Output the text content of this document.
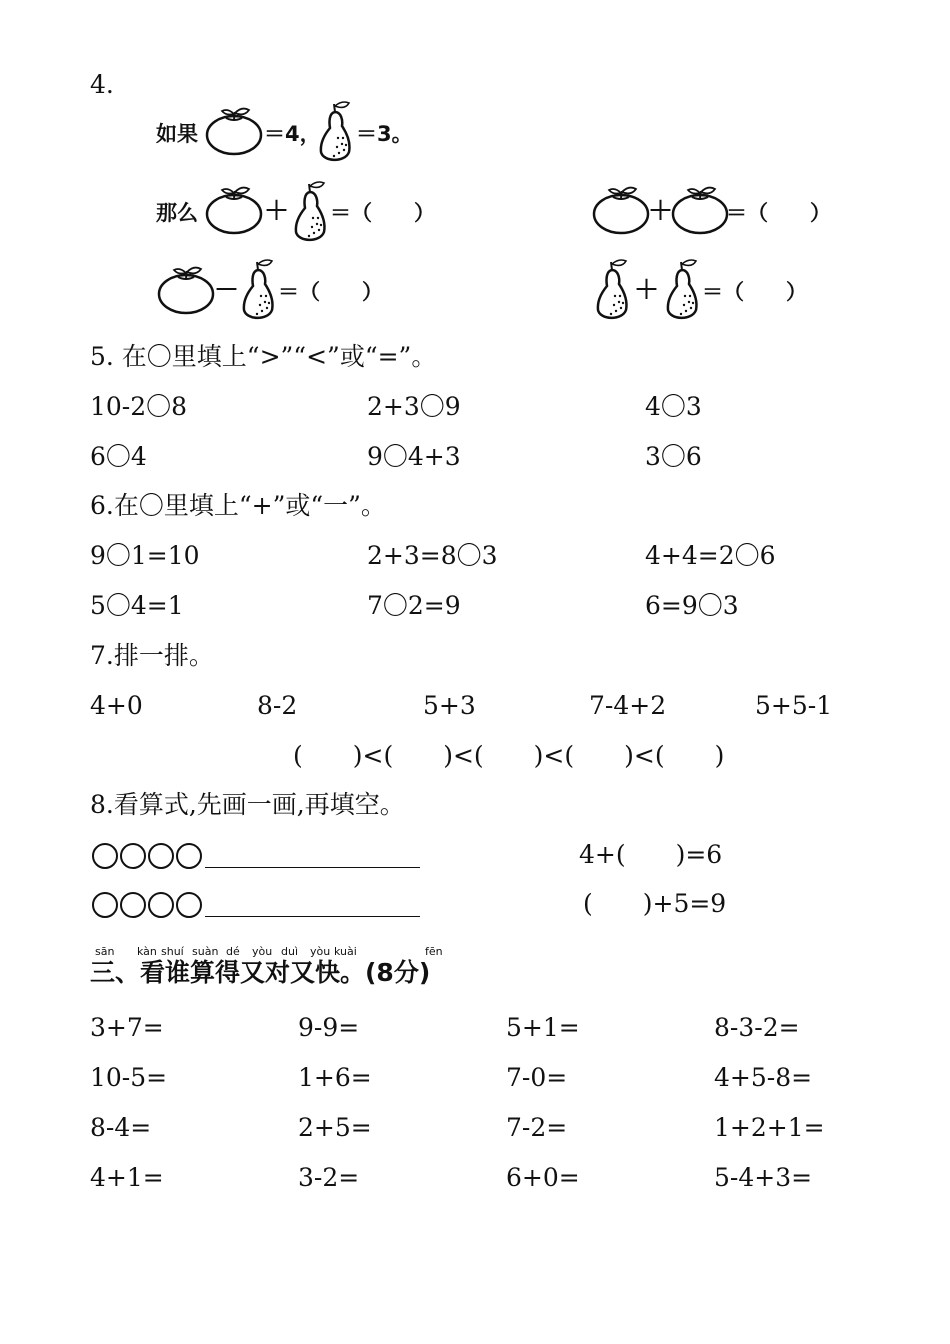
4.
如果	＝4， ＝3。
那么	＋ ＝（　　）	＋	＝（　　）
－ ＝（　　）	＋ ＝（　　）
5. 在〇里填上“>”“<”或“=”。
10-2〇8	2+3〇9	4〇3
6〇4	9〇4+3	3〇6
6.在〇里填上“+”或“一”。
9〇1=10	2+3=8〇3	4+4=2〇6
5〇4=1	7〇2=9	6=9〇3
7.排一排。
4+0	8-2	5+3	7-4+2	5+5-1
(　　)<(　　)<(　　)<(　　)<(　　)
8.看算式,先画一画,再填空。
4+(　　)=6
(　　)+5=9
sān kàn shuí suàn dé yòu duì yòu kuài	fēn
三、看谁算得又对又快。(8分)
3+7=	9-9=	5+1=	8-3-2=
10-5=	1+6=	7-0=	4+5-8=
8-4=	2+5=	7-2=	1+2+1=
4+1=	3-2=	6+0=	5-4+3=
